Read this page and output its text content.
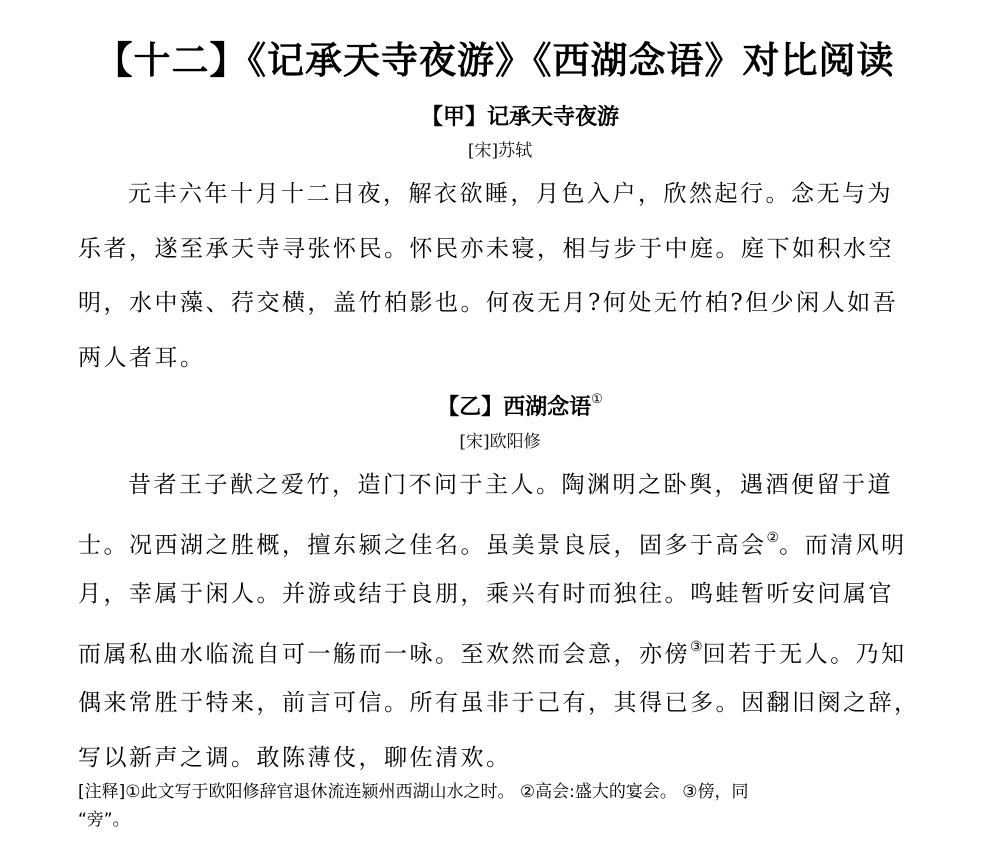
【十二】《记承天寺夜游》《西湖念语》对比阅读
【甲】记承天寺夜游
[宋]苏轼
元丰六年十月十二日夜，解衣欲睡，月色入户，欣然起行。念无与为
乐者，遂至承天寺寻张怀民。怀民亦未寝，相与步于中庭。庭下如积水空
明，水中藻、荇交横，盖竹柏影也。何夜无月?何处无竹柏?但少闲人如吾
两人者耳。
【乙】西湖念语①
[宋]欧阳修
昔者王子猷之爱竹，造门不问于主人。陶渊明之卧舆，遇酒便留于道
士。况西湖之胜概，擅东颍之佳名。虽美景良辰，固多于高会②。而清风明
月，幸属于闲人。并游或结于良朋，乘兴有时而独往。鸣蛙暂听安问属官
而属私曲水临流自可一觞而一咏。至欢然而会意，亦傍③回若于无人。乃知
偶来常胜于特来，前言可信。所有虽非于己有，其得已多。因翻旧阕之辞，
写以新声之调。敢陈薄伎，聊佐清欢。
[注释]①此文写于欧阳修辞官退休流连颍州西湖山水之时。 ②高会:盛大的宴会。 ③傍，同
“旁”。
